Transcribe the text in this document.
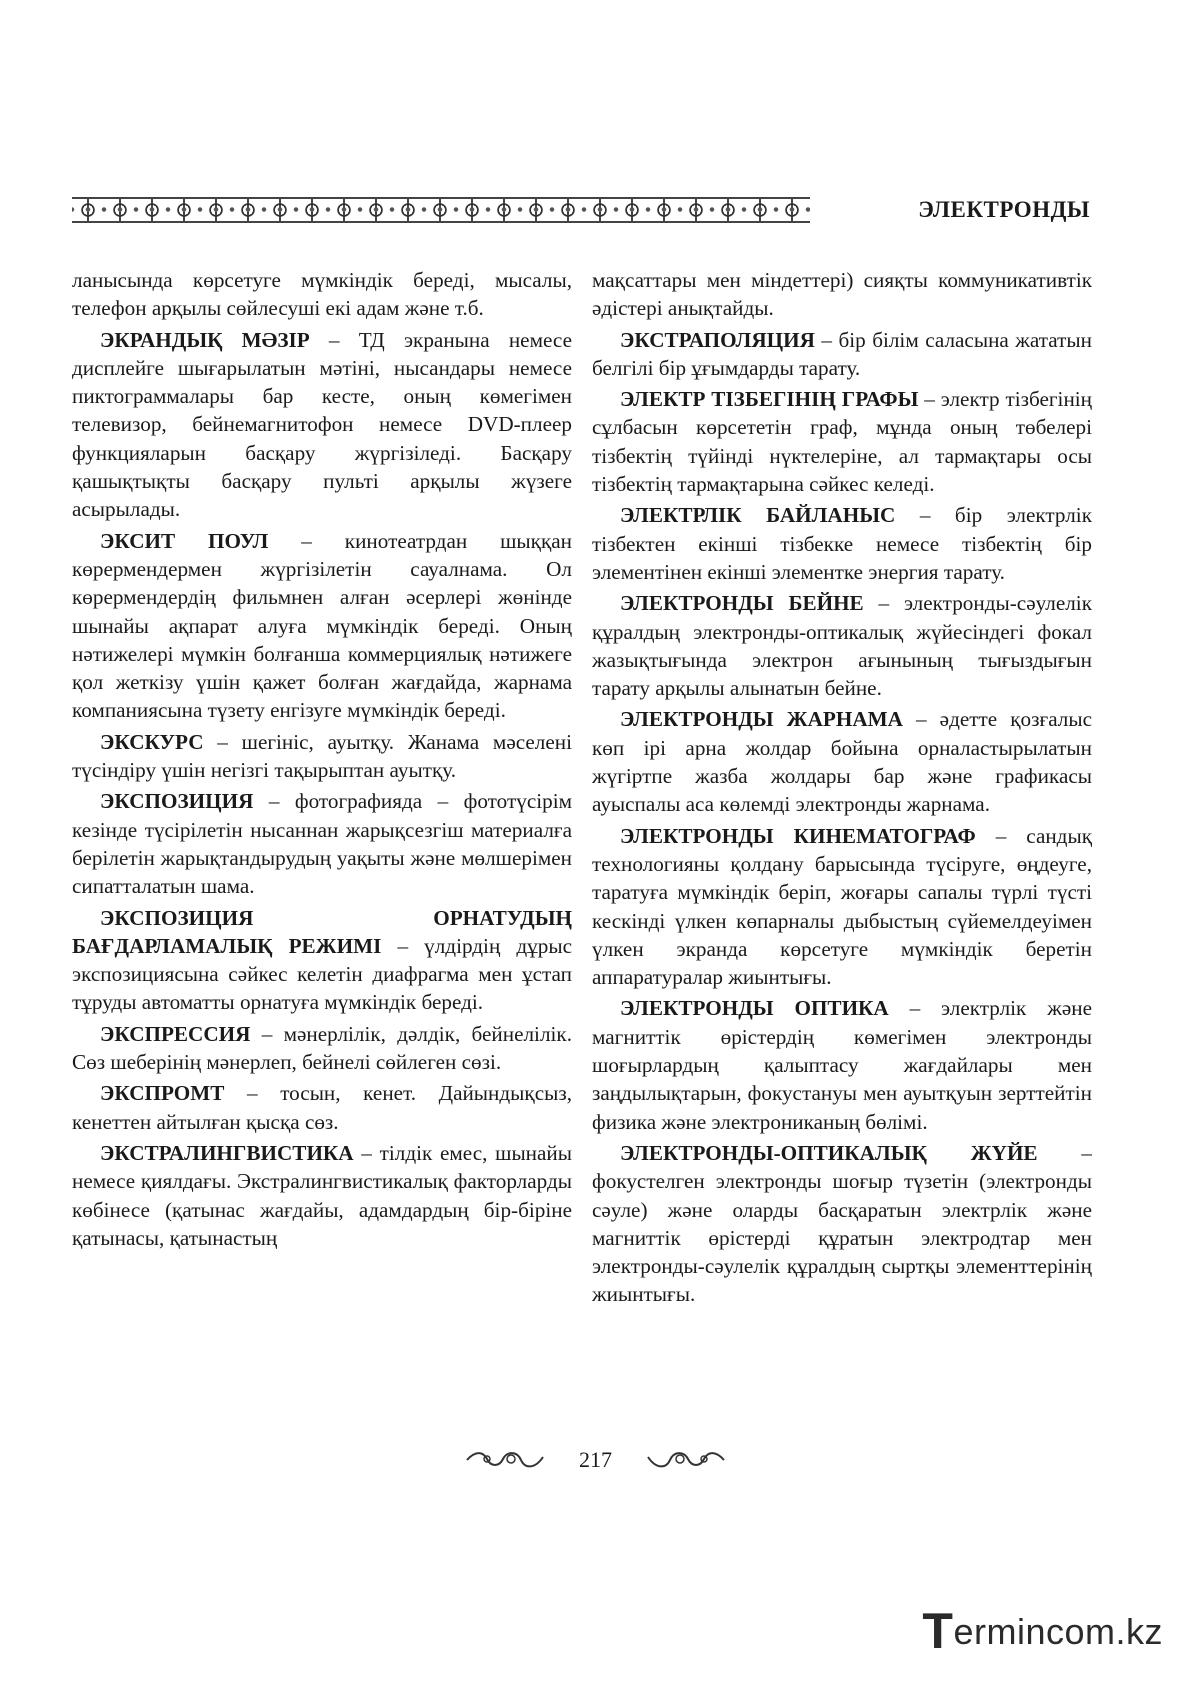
ЭЛЕКТРОНДЫ

ланысында көрсетуге мүмкіндік береді, мысалы, телефон арқылы сөйлесуші екі адам және т.б.

ЭКРАНДЫҚ МӘЗІР – ТД экранына немесе дисплейге шығарылатын мәтіні, нысандары немесе пиктограммалары бар кесте, оның көмегімен телевизор, бейнемагнитофон немесе DVD-плеер функцияларын басқару жүргізіледі. Басқару қашықтықты басқару пульті арқылы жүзеге асырылады.

ЭКСИТ ПОУЛ – кинотеатрдан шыққан көрермендермен жүргізілетін сауалнама. Ол көрермендердің фильмнен алған әсерлері жөнінде шынайы ақпарат алуға мүмкіндік береді. Оның нәтижелері мүмкін болғанша коммерциялық нәтижеге қол жеткізу үшін қажет болған жағдайда, жарнама компаниясына түзету енгізуге мүмкіндік береді.

ЭКСКУРС – шегініс, ауытқу. Жанама мәселені түсіндіру үшін негізгі тақырыптан ауытқу.

ЭКСПОЗИЦИЯ – фотографияда – фототүсірім кезінде түсірілетін нысаннан жарықсезгіш материалға берілетін жарықтандырудың уақыты және мөлшерімен сипатталатын шама.

ЭКСПОЗИЦИЯ ОРНАТУДЫҢ БАҒДАРЛАМАЛЫҚ РЕЖИМІ – үлдірдің дұрыс экспозициясына сәйкес келетін диафрагма мен ұстап тұруды автоматты орнатуға мүмкіндік береді.

ЭКСПРЕССИЯ – мәнерлілік, дәлдік, бейнелілік. Сөз шеберінің мәнерлеп, бейнелі сөйлеген сөзі.

ЭКСПРОМТ – тосын, кенет. Дайындықсыз, кенеттен айтылған қысқа сөз.

ЭКСТРАЛИНГВИСТИКА – тілдік емес, шынайы немесе қиялдағы. Экстралингвистикалық факторларды көбінесе (қатынас жағдайы, адамдардың бір-біріне қатынасы, қатынастың

мақсаттары мен міндеттері) сияқты коммуникативтік әдістері анықтайды.

ЭКСТРАПОЛЯЦИЯ – бір білім саласына жататын белгілі бір ұғымдарды тарату.

ЭЛЕКТР ТІЗБЕГІНІҢ ГРАФЫ – электр тізбегінің сұлбасын көрсететін граф, мұнда оның төбелері тізбектің түйінді нүктелеріне, ал тармақтары осы тізбектің тармақтарына сәйкес келеді.

ЭЛЕКТРЛІК БАЙЛАНЫС – бір электрлік тізбектен екінші тізбекке немесе тізбектің бір элементінен екінші элементке энергия тарату.

ЭЛЕКТРОНДЫ БЕЙНЕ – электронды-сәулелік құралдың электронды-оптикалық жүйесіндегі фокал жазықтығында электрон ағынының тығыздығын тарату арқылы алынатын бейне.

ЭЛЕКТРОНДЫ ЖАРНАМА – әдетте қозғалыс көп ірі арна жолдар бойына орналастырылатын жүгіртпе жазба жолдары бар және графикасы ауыспалы аса көлемді электронды жарнама.

ЭЛЕКТРОНДЫ КИНЕМАТОГРАФ – сандық технологияны қолдану барысында түсіруге, өңдеуге, таратуға мүмкіндік беріп, жоғары сапалы түрлі түсті кескінді үлкен көпарналы дыбыстың сүйемелдеуімен үлкен экранда көрсетуге мүмкіндік беретін аппаратуралар жиынтығы.

ЭЛЕКТРОНДЫ ОПТИКА – электрлік және магниттік өрістердің көмегімен электронды шоғырлардың қалыптасу жағдайлары мен заңдылықтарын, фокустануы мен ауытқуын зерттейтін физика және электрониканың бөлімі.

ЭЛЕКТРОНДЫ-ОПТИКАЛЫҚ ЖҮЙЕ – фокустелген электронды шоғыр түзетін (электронды сәуле) және оларды басқаратын электрлік және магниттік өрістерді құратын электродтар мен электронды-сәулелік құралдың сыртқы элементтерінің жиынтығы.

217
Termincom.kz
